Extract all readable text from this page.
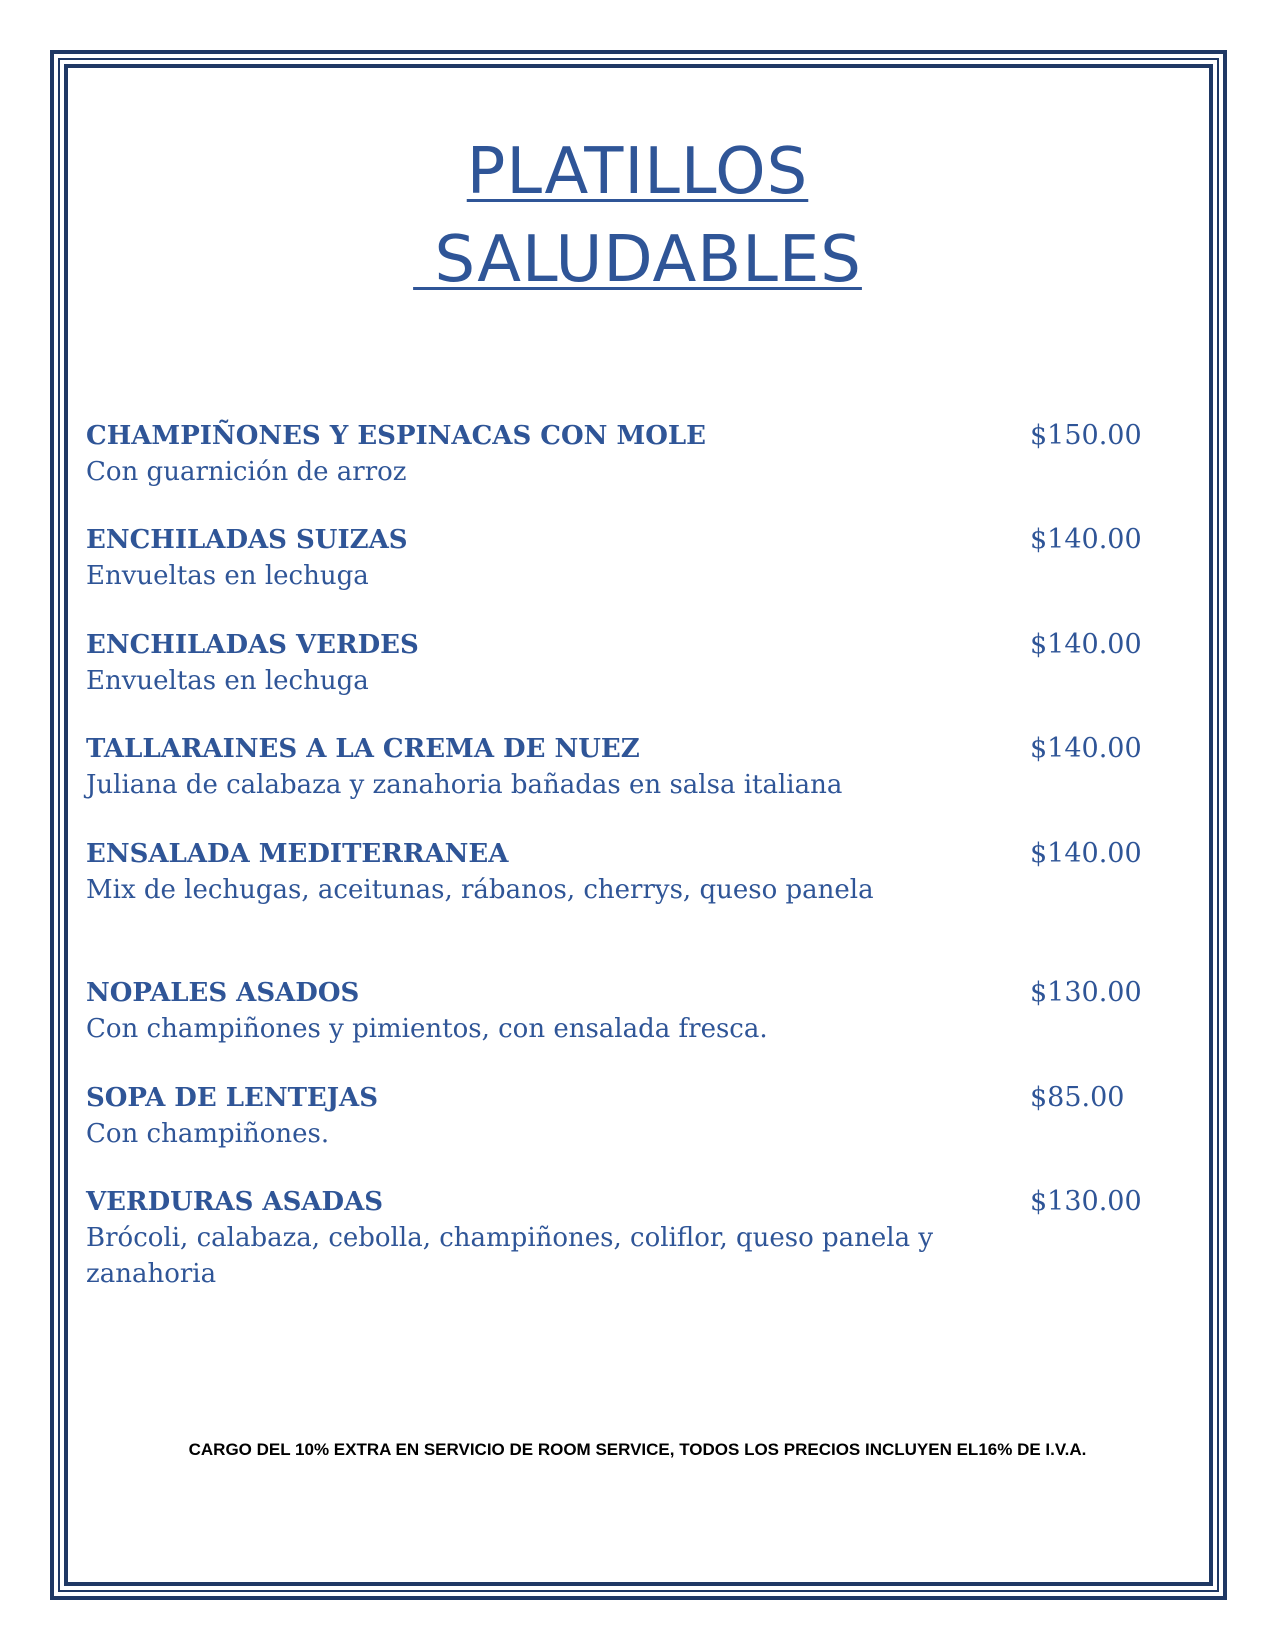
PLATILLOS
SALUDABLES
CHAMPIÑONES Y ESPINACAS CON MOLE
Con guarnición de arroz
$150.00
ENCHILADAS SUIZAS
Envueltas en lechuga
$140.00
ENCHILADAS VERDES
Envueltas en lechuga
$140.00
TALLARAINES A LA CREMA DE NUEZ
Juliana de calabaza y zanahoria bañadas en salsa italiana
$140.00
ENSALADA MEDITERRANEA
Mix de lechugas, aceitunas, rábanos, cherrys, queso panela
$140.00
NOPALES ASADOS
Con champiñones y pimientos, con ensalada fresca.
$130.00
SOPA DE LENTEJAS
Con champiñones.
$85.00
VERDURAS ASADAS
Brócoli, calabaza, cebolla, champiñones, coliflor, queso panela y zanahoria
$130.00
CARGO DEL 10% EXTRA EN SERVICIO DE ROOM SERVICE, TODOS LOS PRECIOS INCLUYEN EL16% DE I.V.A.
